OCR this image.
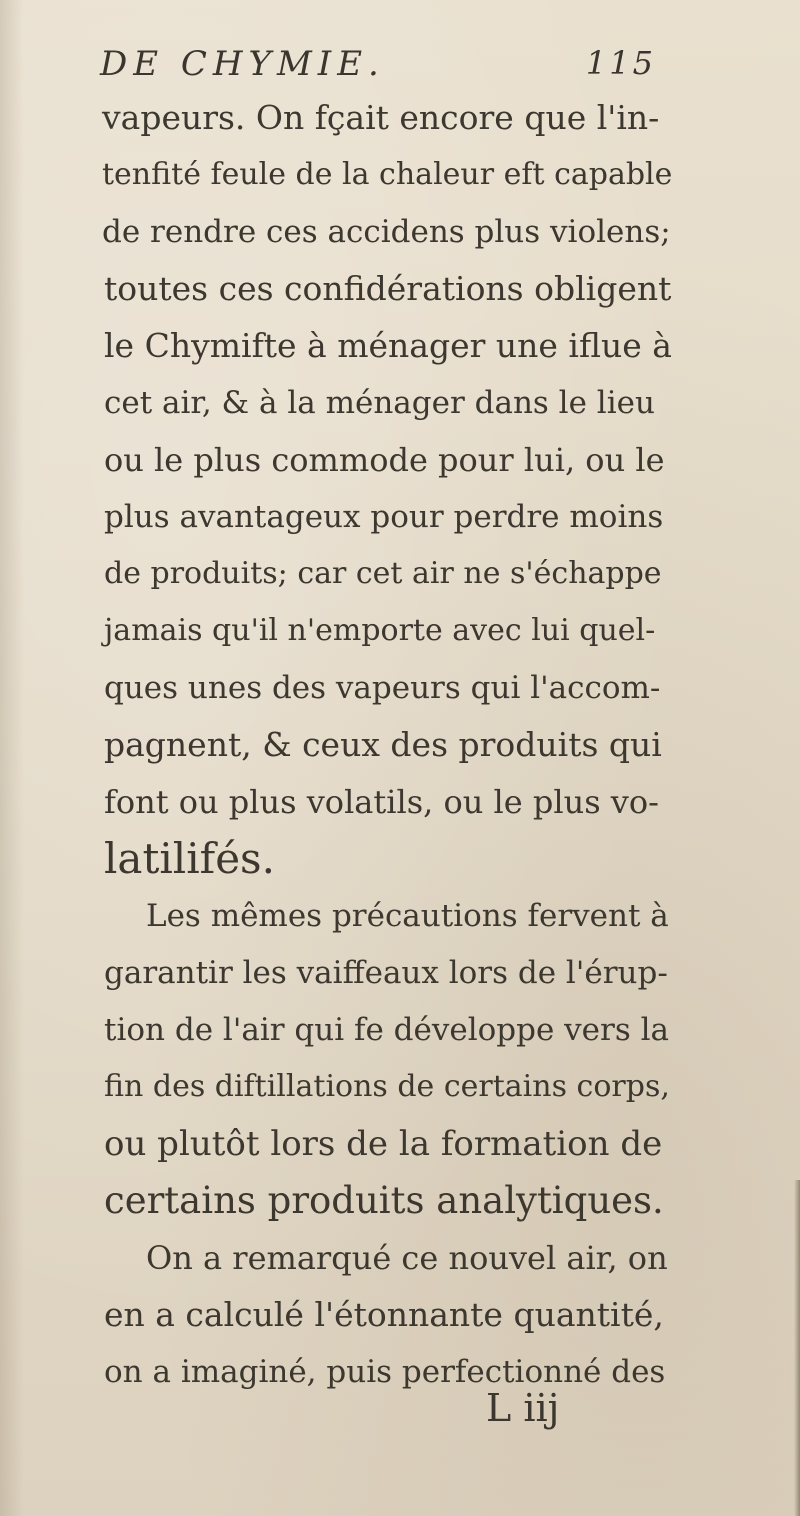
DE CHYMIE.	115
vapeurs. On fçait encore que l'in-
tenfité feule de la chaleur eft capable
de rendre ces accidens plus violens;
toutes ces confidérations obligent
le Chymifte à ménager une iflue à
cet air, & à la ménager dans le lieu
ou le plus commode pour lui, ou le
plus avantageux pour perdre moins
de produits; car cet air ne s'échappe
jamais qu'il n'emporte avec lui quel-
ques unes des vapeurs qui l'accom-
pagnent, & ceux des produits qui
font ou plus volatils, ou le plus vo-
latilifés.
Les mêmes précautions fervent à
garantir les vaiffeaux lors de l'érup-
tion de l'air qui fe développe vers la
fin des diftillations de certains corps,
ou plutôt lors de la formation de
certains produits analytiques.
On a remarqué ce nouvel air, on
en a calculé l'étonnante quantité,
on a imaginé, puis perfectionné des
L iij
